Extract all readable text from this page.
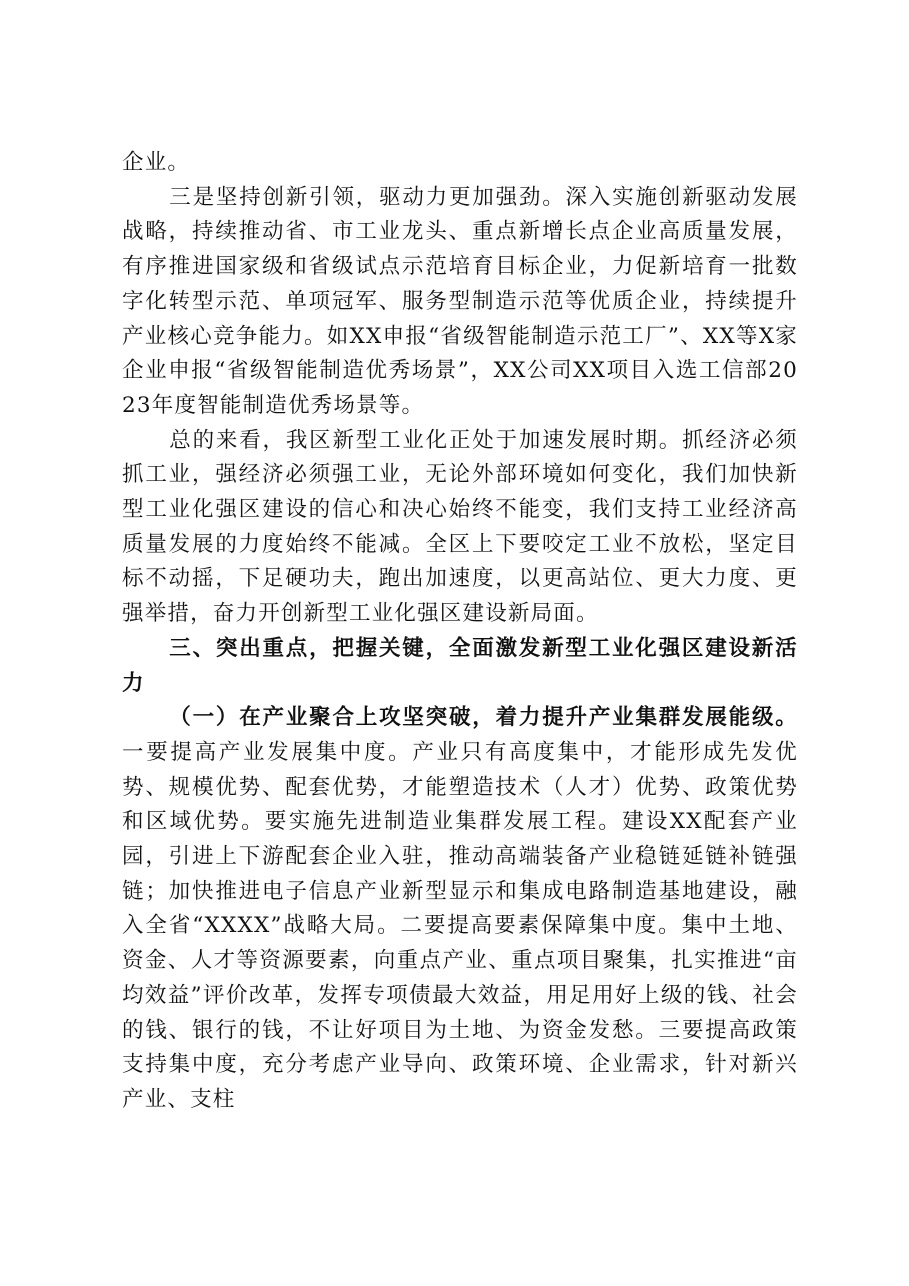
企业。

三是坚持创新引领，驱动力更加强劲。深入实施创新驱动发展战略，持续推动省、市工业龙头、重点新增长点企业高质量发展，有序推进国家级和省级试点示范培育目标企业，力促新培育一批数字化转型示范、单项冠军、服务型制造示范等优质企业，持续提升产业核心竞争能力。如XX申报“省级智能制造示范工厂”、XX等X家企业申报“省级智能制造优秀场景”，XX公司XX项目入选工信部2023年度智能制造优秀场景等。

总的来看，我区新型工业化正处于加速发展时期。抓经济必须抓工业，强经济必须强工业，无论外部环境如何变化，我们加快新型工业化强区建设的信心和决心始终不能变，我们支持工业经济高质量发展的力度始终不能减。全区上下要咬定工业不放松，坚定目标不动摇，下足硬功夫，跑出加速度，以更高站位、更大力度、更强举措，奋力开创新型工业化强区建设新局面。

三、突出重点，把握关键，全面激发新型工业化强区建设新活力

（一）在产业聚合上攻坚突破，着力提升产业集群发展能级。一要提高产业发展集中度。产业只有高度集中，才能形成先发优势、规模优势、配套优势，才能塑造技术（人才）优势、政策优势和区域优势。要实施先进制造业集群发展工程。建设XX配套产业园，引进上下游配套企业入驻，推动高端装备产业稳链延链补链强链；加快推进电子信息产业新型显示和集成电路制造基地建设，融入全省“XXXX”战略大局。二要提高要素保障集中度。集中土地、资金、人才等资源要素，向重点产业、重点项目聚集，扎实推进“亩均效益”评价改革，发挥专项债最大效益，用足用好上级的钱、社会的钱、银行的钱，不让好项目为土地、为资金发愁。三要提高政策支持集中度，充分考虑产业导向、政策环境、企业需求，针对新兴产业、支柱
